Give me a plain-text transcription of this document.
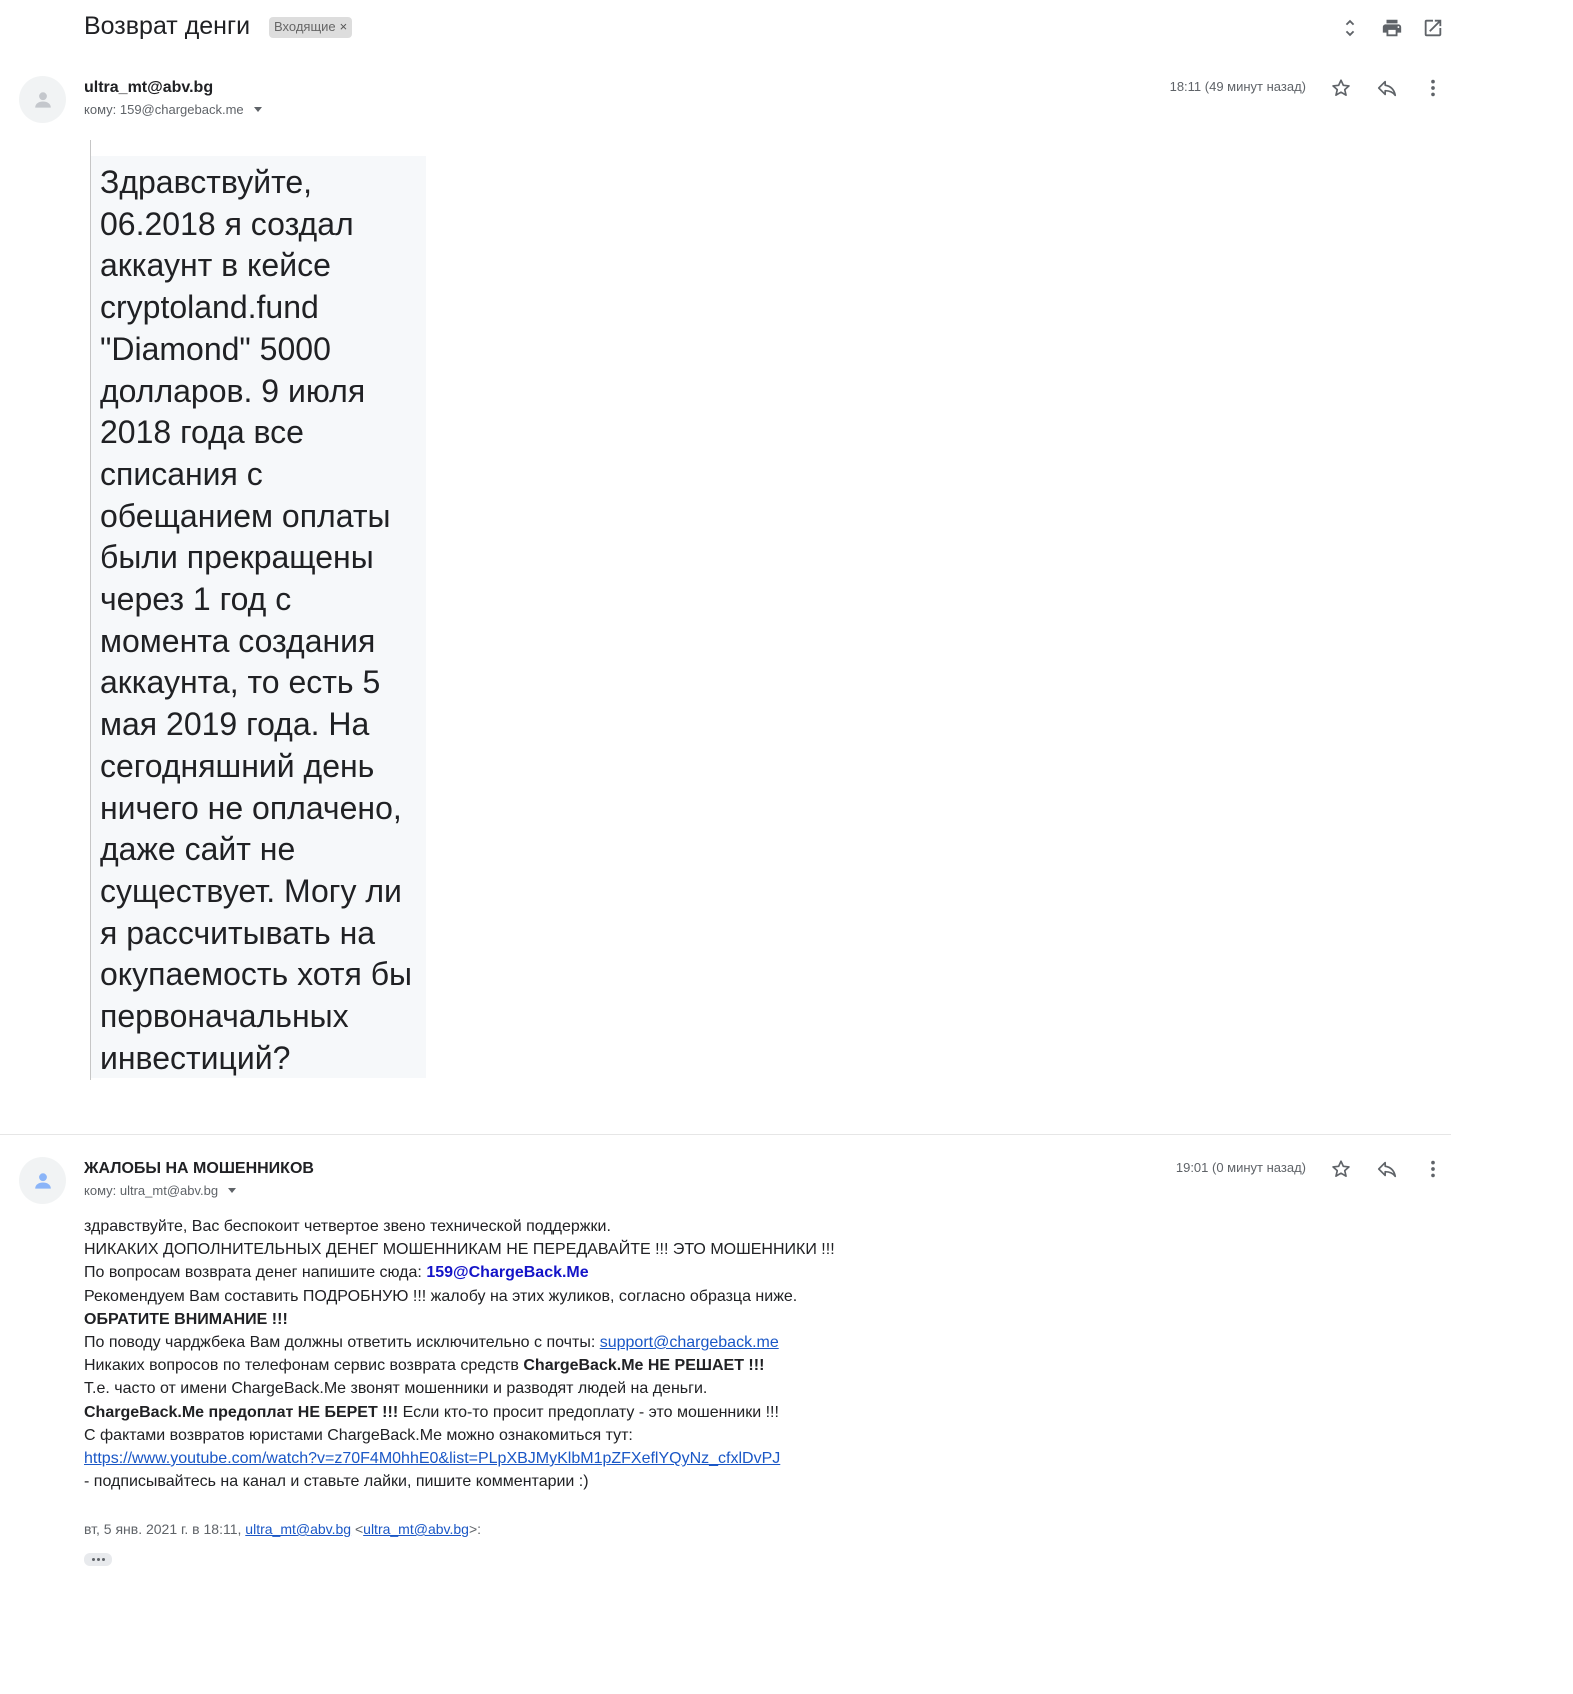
Возврат денги Входящие ×
ultra_mt@abv.bg
кому: 159@chargeback.me
18:11 (49 минут назад)
Здравствуйте, 06.2018 я создал аккаунт в кейсе cryptoland.fund "Diamond" 5000 долларов. 9 июля 2018 года все списания с обещанием оплаты были прекращены через 1 год с момента создания аккаунта, то есть 5 мая 2019 года. На сегодняшний день ничего не оплачено, даже сайт не существует. Могу ли я рассчитывать на окупаемость хотя бы первоначальных инвестиций?
ЖАЛОБЫ НА МОШЕННИКОВ
кому: ultra_mt@abv.bg
19:01 (0 минут назад)
здравствуйте, Вас беспокоит четвертое звено технической поддержки.
НИКАКИХ ДОПОЛНИТЕЛЬНЫХ ДЕНЕГ МОШЕННИКАМ НЕ ПЕРЕДАВАЙТЕ !!! ЭТО МОШЕННИКИ !!!
По вопросам возврата денег напишите сюда: 159@ChargeBack.Me
Рекомендуем Вам составить ПОДРОБНУЮ !!! жалобу на этих жуликов, согласно образца ниже.
ОБРАТИТЕ ВНИМАНИЕ !!!
По поводу чарджбека Вам должны ответить исключительно с почты: support@chargeback.me
Никаких вопросов по телефонам сервис возврата средств ChargeBack.Me НЕ РЕШАЕТ !!!
Т.е. часто от имени ChargeBack.Me звонят мошенники и разводят людей на деньги.
ChargeBack.Me предоплат НЕ БЕРЕТ !!! Если кто-то просит предоплату - это мошенники !!!
С фактами возвратов юристами ChargeBack.Me можно ознакомиться тут:
https://www.youtube.com/watch?v=z70F4M0hhE0&list=PLpXBJMyKlbM1pZFXeflYQyNz_cfxlDvPJ
- подписывайтесь на канал и ставьте лайки, пишите комментарии :)
вт, 5 янв. 2021 г. в 18:11, ultra_mt@abv.bg <ultra_mt@abv.bg>:
